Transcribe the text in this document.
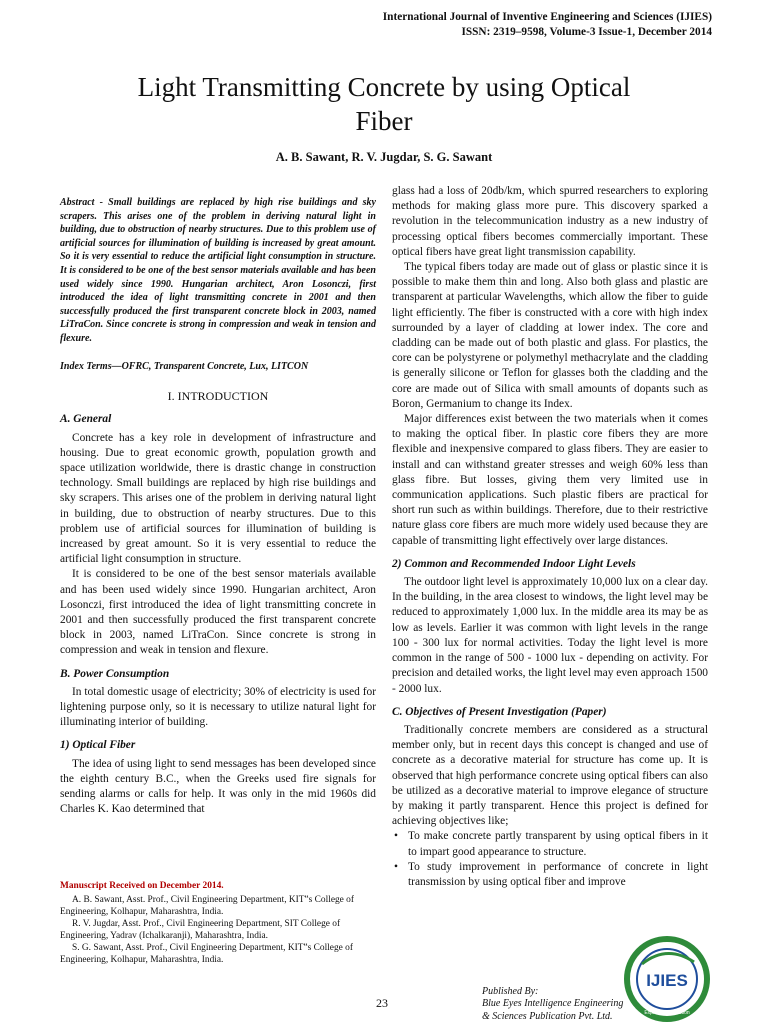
International Journal of Inventive Engineering and Sciences (IJIES)
ISSN: 2319–9598, Volume-3 Issue-1, December 2014
Light Transmitting Concrete by using Optical
Fiber
A. B. Sawant, R. V. Jugdar, S. G. Sawant

Abstract - Small buildings are replaced by high rise buildings and sky scrapers. This arises one of the problem in deriving natural light in building, due to obstruction of nearby structures. Due to this problem use of artificial sources for illumination of building is increased by great amount. So it is very essential to reduce the artificial light consumption in structure. It is considered to be one of the best sensor materials available and has been used widely since 1990. Hungarian architect, Aron Losonczi, first introduced the idea of light transmitting concrete in 2001 and then successfully produced the first transparent concrete block in 2003, named LiTraCon. Since concrete is strong in compression and weak in tension and flexure.

Index Terms—OFRC, Transparent Concrete, Lux, LITCON

I. INTRODUCTION
A. General

Concrete has a key role in development of infrastructure and housing. Due to great economic growth, population growth and space utilization worldwide, there is drastic change in construction technology. Small buildings are replaced by high rise buildings and sky scrapers. This arises one of the problem in deriving natural light in building, due to obstruction of nearby structures. Due to this problem use of artificial sources for illumination of building is increased by great amount. So it is very essential to reduce the artificial light consumption in structure.

It is considered to be one of the best sensor materials available and has been used widely since 1990. Hungarian architect, Aron Losonczi, first introduced the idea of light transmitting concrete in 2001 and then successfully produced the first transparent concrete block in 2003, named LiTraCon. Since concrete is strong in compression and weak in tension and flexure.

B. Power Consumption

In total domestic usage of electricity; 30% of electricity is used for lightening purpose only, so it is necessary to utilize natural light for illuminating interior of building.

1) Optical Fiber

The idea of using light to send messages has been developed since the eighth century B.C., when the Greeks used fire signals for sending alarms or calls for help. It was only in the mid 1960s did Charles K. Kao determined that

glass had a loss of 20db/km, which spurred researchers to exploring methods for making glass more pure. This discovery sparked a revolution in the telecommunication industry as a new industry of processing optical fibers becomes commercially important. These optical fibers have great light transmission capability.

The typical fibers today are made out of glass or plastic since it is possible to make them thin and long. Also both glass and plastic are transparent at particular Wavelengths, which allow the fiber to guide light efficiently. The fiber is constructed with a core with high index surrounded by a layer of cladding at lower index. The core and cladding can be made out of both plastic and glass. For plastics, the core can be polystyrene or polymethyl methacrylate and the cladding is generally silicone or Teflon for glasses both the cladding and the core are made out of Silica with small amounts of dopants such as Boron, Germanium to change its Index.

Major differences exist between the two materials when it comes to making the optical fiber. In plastic core fibers they are more flexible and inexpensive compared to glass fibers. They are easier to install and can withstand greater stresses and weigh 60% less than glass fibre. But losses, giving them very limited use in communication applications. Such plastic fibers are practical for short run such as within buildings. Therefore, due to their restrictive nature glass core fibers are much more widely used because they are capable of transmitting light effectively over large distances.

2) Common and Recommended Indoor Light Levels

The outdoor light level is approximately 10,000 lux on a clear day. In the building, in the area closest to windows, the light level may be reduced to approximately 1,000 lux. In the middle area its may be as low as levels. Earlier it was common with light levels in the range 100 - 300 lux for normal activities. Today the light level is more common in the range of 500 - 1000 lux - depending on activity. For precision and detailed works, the light level may even approach 1500 - 2000 lux.

C. Objectives of Present Investigation (Paper)

Traditionally concrete members are considered as a structural member only, but in recent days this concept is changed and use of concrete as a decorative material for structure has come up. It is observed that high performance concrete using optical fibers can also be utilized as a decorative material to improve elegance of structure by making it partly transparent. Hence this project is defined for achieving objectives like;

• To make concrete partly transparent by using optical fibers in it to impart good appearance to structure.
• To study improvement in performance of concrete in light transmission by using optical fiber and improve

Manuscript Received on December 2014.

A. B. Sawant, Asst. Prof., Civil Engineering Department, KIT‟s College of Engineering, Kolhapur, Maharashtra, India.

R. V. Jugdar, Asst. Prof., Civil Engineering Department, SIT College of Engineering, Yadrav (Ichalkaranji), Maharashtra, India.

S. G. Sawant, Asst. Prof., Civil Engineering Department, KIT‟s College of Engineering, Kolhapur, Maharashtra, India.

23
Published By:
Blue Eyes Intelligence Engineering
& Sciences Publication Pvt. Ltd.
IJIES
Exploring Innovation
